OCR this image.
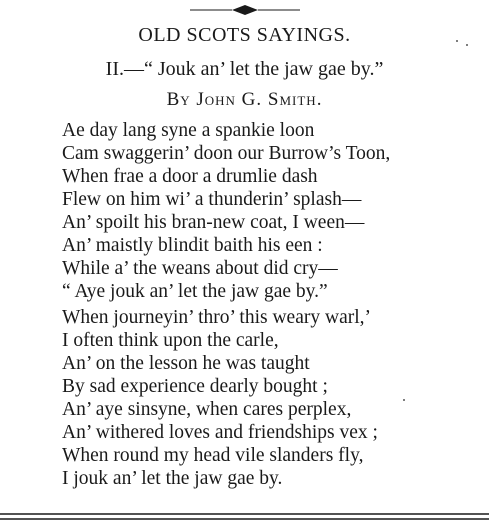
OLD SCOTS SAYINGS.
II.—“ Jouk an’ let the jaw gae by.”
By John G. Smith.
Ae day lang syne a spankie loon
Cam swaggerin’ doon our Burrow’s Toon,
When frae a door a drumlie dash
Flew on him wi’ a thunderin’ splash—
An’ spoilt his bran-new coat, I ween—
An’ maistly blindit baith his een :
While a’ the weans about did cry—
“ Aye jouk an’ let the jaw gae by.”
When journeyin’ thro’ this weary warl,’
I often think upon the carle,
An’ on the lesson he was taught
By sad experience dearly bought ;
An’ aye sinsyne, when cares perplex,
An’ withered loves and friendships vex ;
When round my head vile slanders fly,
I jouk an’ let the jaw gae by.
